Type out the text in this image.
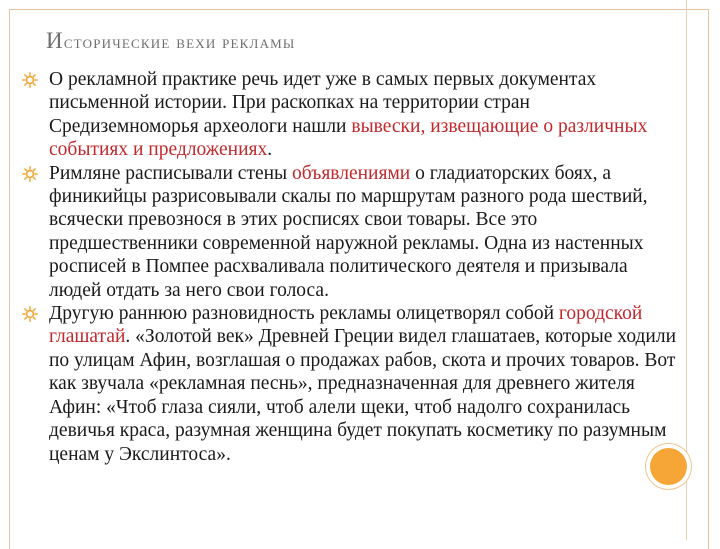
Исторические вехи рекламы
О рекламной практике речь идет уже в самых первых документах письменной истории. При раскопках на территории стран Средиземноморья археологи нашли вывески, извещающие о различных событиях и предложениях.
Римляне расписывали стены объявлениями о гладиаторских боях, а финикийцы разрисовывали скалы по маршрутам разного рода шествий, всячески превознося в этих росписях свои товары. Все это предшественники современной наружной рекламы. Одна из настенных росписей в Помпее расхваливала политического деятеля и призывала людей отдать за него свои голоса.
Другую раннюю разновидность рекламы олицетворял собой городской глашатай. «Золотой век» Древней Греции видел глашатаев, которые ходили по улицам Афин, возглашая о продажах рабов, скота и прочих товаров. Вот как звучала «рекламная песнь», предназначенная для древнего жителя Афин: «Чтоб глаза сияли, чтоб алели щеки, чтоб надолго сохранилась девичья краса, разумная женщина будет покупать косметику по разумным ценам у Экслинтоса».
